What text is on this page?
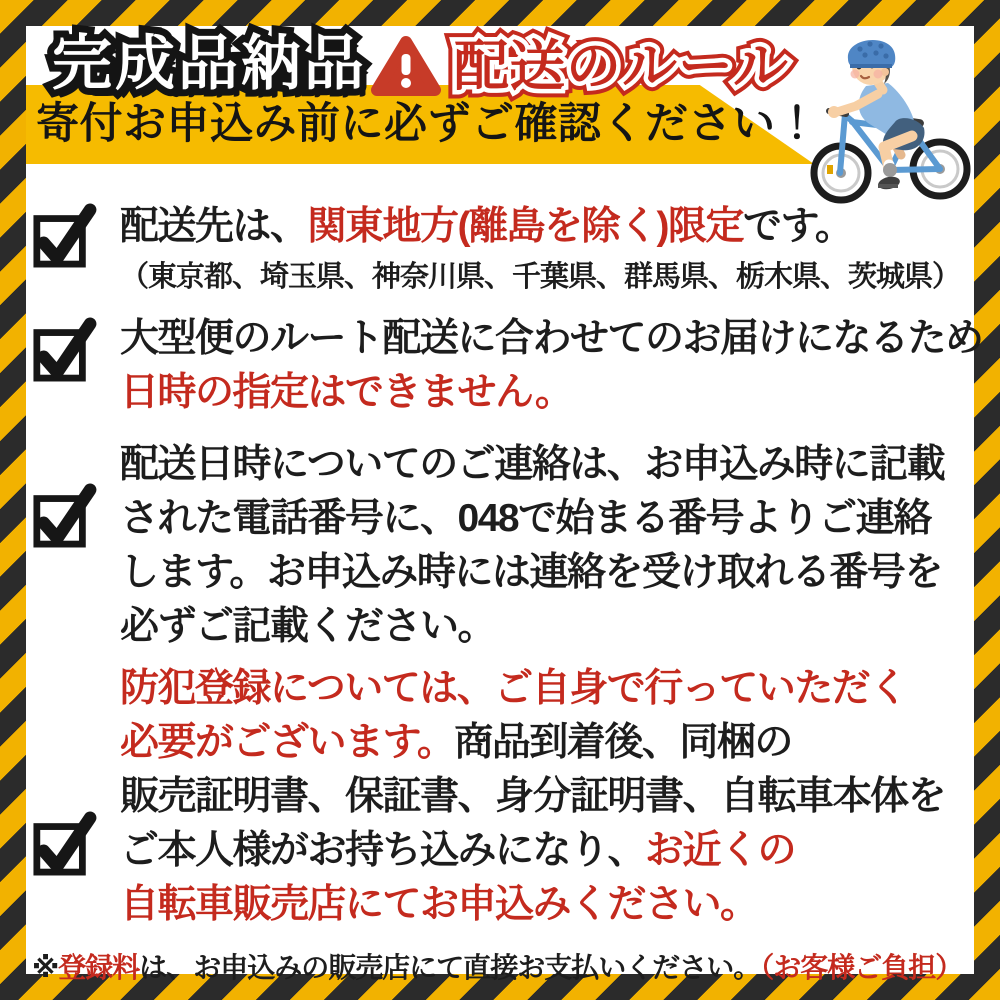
完成品納品 完成品納品 配送のルール 配送のルール 配送のルール
寄付お申込み前に必ずご確認ください！
配送先は、関東地方(離島を除く)限定です。
（東京都、埼玉県、神奈川県、千葉県、群馬県、栃木県、茨城県）
大型便のルート配送に合わせてのお届けになるため
日時の指定はできません。
配送日時についてのご連絡は、お申込み時に記載
された電話番号に、048で始まる番号よりご連絡
します。お申込み時には連絡を受け取れる番号を
必ずご記載ください。
防犯登録については、ご自身で行っていただく
必要がございます。商品到着後、同梱の
販売証明書、保証書、身分証明書、自転車本体を
ご本人様がお持ち込みになり、お近くの
自転車販売店にてお申込みください。
※登録料は、お申込みの販売店にて直接お支払いください。（お客様ご負担）
